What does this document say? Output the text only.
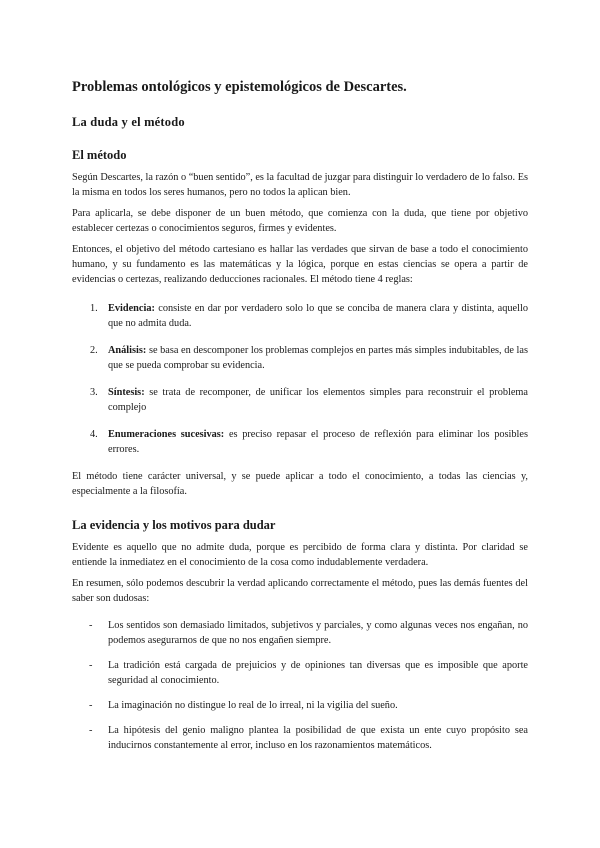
Problemas ontológicos y epistemológicos de Descartes.
La duda y el método
El método

Según Descartes, la razón o “buen sentido”, es la facultad de juzgar para distinguir lo verdadero de lo falso. Es la misma en todos los seres humanos, pero no todos la aplican bien.

Para aplicarla, se debe disponer de un buen método, que comienza con la duda, que tiene por objetivo establecer certezas o conocimientos seguros, firmes y evidentes.

Entonces, el objetivo del método cartesiano es hallar las verdades que sirvan de base a todo el conocimiento humano, y su fundamento es las matemáticas y la lógica, porque en estas ciencias se opera a partir de evidencias o certezas, realizando deducciones racionales. El método tiene 4 reglas:

1. Evidencia: consiste en dar por verdadero solo lo que se conciba de manera clara y distinta, aquello que no admita duda.
2. Análisis: se basa en descomponer los problemas complejos en partes más simples indubitables, de las que se pueda comprobar su evidencia.
3. Síntesis: se trata de recomponer, de unificar los elementos simples para reconstruir el problema complejo
4. Enumeraciones sucesivas: es preciso repasar el proceso de reflexión para eliminar los posibles errores.

El método tiene carácter universal, y se puede aplicar a todo el conocimiento, a todas las ciencias y, especialmente a la filosofía.

La evidencia y los motivos para dudar

Evidente es aquello que no admite duda, porque es percibido de forma clara y distinta. Por claridad se entiende la inmediatez en el conocimiento de la cosa como indudablemente verdadera.

En resumen, sólo podemos descubrir la verdad aplicando correctamente el método, pues las demás fuentes del saber son dudosas:

- Los sentidos son demasiado limitados, subjetivos y parciales, y como algunas veces nos engañan, no podemos asegurarnos de que no nos engañen siempre.
- La tradición está cargada de prejuicios y de opiniones tan diversas que es imposible que aporte seguridad al conocimiento.
- La imaginación no distingue lo real de lo irreal, ni la vigilia del sueño.
- La hipótesis del genio maligno plantea la posibilidad de que exista un ente cuyo propósito sea inducirnos constantemente al error, incluso en los razonamientos matemáticos.
